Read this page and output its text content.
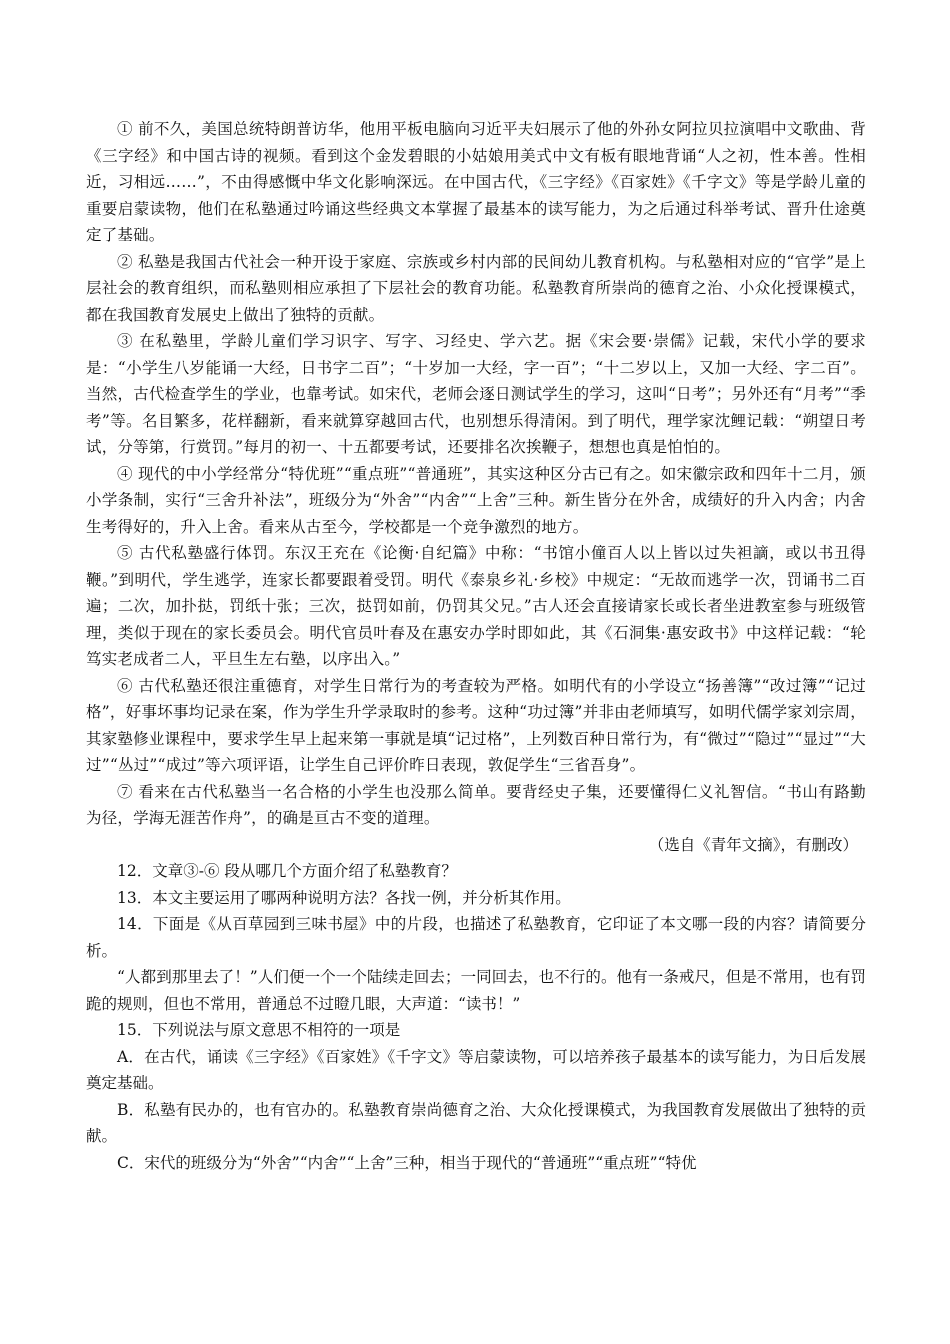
① 前不久，美国总统特朗普访华，他用平板电脑向习近平夫妇展示了他的外孙女阿拉贝拉演唱中文歌曲、背《三字经》和中国古诗的视频。看到这个金发碧眼的小姑娘用美式中文有板有眼地背诵“人之初，性本善。性相近，习相远……”，不由得感慨中华文化影响深远。在中国古代，《三字经》《百家姓》《千字文》等是学龄儿童的重要启蒙读物，他们在私塾通过吟诵这些经典文本掌握了最基本的读写能力，为之后通过科举考试、晋升仕途奠定了基础。

② 私塾是我国古代社会一种开设于家庭、宗族或乡村内部的民间幼儿教育机构。与私塾相对应的“官学”是上层社会的教育组织，而私塾则相应承担了下层社会的教育功能。私塾教育所崇尚的德育之治、小众化授课模式，都在我国教育发展史上做出了独特的贡献。

③ 在私塾里，学龄儿童们学习识字、写字、习经史、学六艺。据《宋会要·崇儒》记载，宋代小学的要求是：“小学生八岁能诵一大经，日书字二百”；“十岁加一大经，字一百”；“十二岁以上，又加一大经、字二百”。当然，古代检查学生的学业，也靠考试。如宋代，老师会逐日测试学生的学习，这叫“日考”；另外还有“月考”“季考”等。名目繁多，花样翻新，看来就算穿越回古代，也别想乐得清闲。到了明代，理学家沈鲤记载：“朔望日考试，分等第，行赏罚。”每月的初一、十五都要考试，还要排名次挨鞭子，想想也真是怕怕的。

④ 现代的中小学经常分“特优班”“重点班”“普通班”，其实这种区分古已有之。如宋徽宗政和四年十二月，颁小学条制，实行“三舍升补法”，班级分为“外舍”“内舍”“上舍”三种。新生皆分在外舍，成绩好的升入内舍；内舍生考得好的，升入上舍。看来从古至今，学校都是一个竞争激烈的地方。

⑤ 古代私塾盛行体罚。东汉王充在《论衡·自纪篇》中称：“书馆小僮百人以上皆以过失袒謫，或以书丑得鞭。”到明代，学生逃学，连家长都要跟着受罚。明代《泰泉乡礼·乡校》中规定：“无故而逃学一次，罚诵书二百遍；二次，加扑挞，罚纸十张；三次，挞罚如前，仍罚其父兄。”古人还会直接请家长或长者坐进教室参与班级管理，类似于现在的家长委员会。明代官员叶春及在惠安办学时即如此，其《石洞集·惠安政书》中这样记载：“轮笃实老成者二人，平旦生左右塾，以序出入。”

⑥ 古代私塾还很注重德育，对学生日常行为的考查较为严格。如明代有的小学设立“扬善簿”“改过簿”“记过格”，好事坏事均记录在案，作为学生升学录取时的参考。这种“功过簿”并非由老师填写，如明代儒学家刘宗周，其家塾修业课程中，要求学生早上起来第一事就是填“记过格”，上列数百种日常行为，有“微过”“隐过”“显过”“大过”“丛过”“成过”等六项评语，让学生自己评价昨日表现，敦促学生“三省吾身”。

⑦ 看来在古代私塾当一名合格的小学生也没那么简单。要背经史子集，还要懂得仁义礼智信。“书山有路勤为径，学海无涯苦作舟”，的确是亘古不变的道理。

（选自《青年文摘》，有删改）

12．文章③-⑥ 段从哪几个方面介绍了私塾教育？

13．本文主要运用了哪两种说明方法？各找一例，并分析其作用。

14．下面是《从百草园到三味书屋》中的片段，也描述了私塾教育，它印证了本文哪一段的内容？请简要分析。

“人都到那里去了！”人们便一个一个陆续走回去；一同回去，也不行的。他有一条戒尺，但是不常用，也有罚跪的规则，但也不常用，普通总不过瞪几眼，大声道：“读书！”

15．下列说法与原文意思不相符的一项是

A．在古代，诵读《三字经》《百家姓》《千字文》等启蒙读物，可以培养孩子最基本的读写能力，为日后发展奠定基础。

B．私塾有民办的，也有官办的。私塾教育崇尚德育之治、大众化授课模式，为我国教育发展做出了独特的贡献。

C．宋代的班级分为“外舍”“内舍”“上舍”三种，相当于现代的“普通班”“重点班”“特优
